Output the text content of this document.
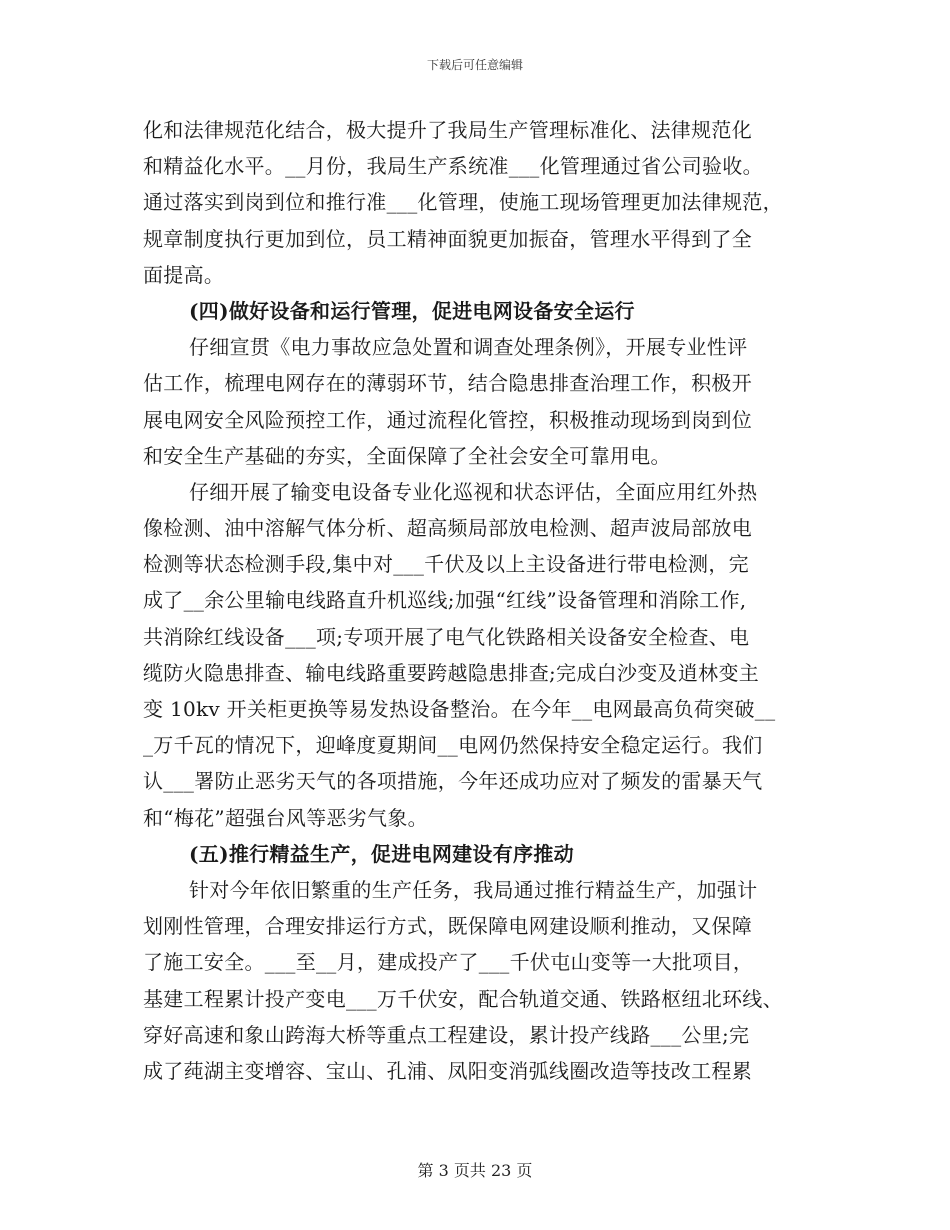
下载后可任意编辑
化和法律规范化结合，极大提升了我局生产管理标准化、法律规范化
和精益化水平。__月份，我局生产系统准___化管理通过省公司验收。
通过落实到岗到位和推行准___化管理，使施工现场管理更加法律规范，
规章制度执行更加到位，员工精神面貌更加振奋，管理水平得到了全
面提高。
(四)做好设备和运行管理，促进电网设备安全运行
仔细宣贯《电力事故应急处置和调查处理条例》，开展专业性评
估工作，梳理电网存在的薄弱环节，结合隐患排查治理工作，积极开
展电网安全风险预控工作，通过流程化管控，积极推动现场到岗到位
和安全生产基础的夯实，全面保障了全社会安全可靠用电。
仔细开展了输变电设备专业化巡视和状态评估，全面应用红外热
像检测、油中溶解气体分析、超高频局部放电检测、超声波局部放电
检测等状态检测手段,集中对___千伏及以上主设备进行带电检测，完
成了__余公里输电线路直升机巡线;加强“红线”设备管理和消除工作,
共消除红线设备___项;专项开展了电气化铁路相关设备安全检查、电
缆防火隐患排查、输电线路重要跨越隐患排查;完成白沙变及逍林变主
变 10kv 开关柜更换等易发热设备整治。在今年__电网最高负荷突破__
_万千瓦的情况下，迎峰度夏期间__电网仍然保持安全稳定运行。我们
认___署防止恶劣天气的各项措施，今年还成功应对了频发的雷暴天气
和“梅花”超强台风等恶劣气象。
(五)推行精益生产，促进电网建设有序推动
针对今年依旧繁重的生产任务，我局通过推行精益生产，加强计
划刚性管理，合理安排运行方式，既保障电网建设顺利推动，又保障
了施工安全。___至__月，建成投产了___千伏屯山变等一大批项目，
基建工程累计投产变电___万千伏安，配合轨道交通、铁路枢纽北环线、
穿好高速和象山跨海大桥等重点工程建设，累计投产线路___公里;完
成了莼湖主变增容、宝山、孔浦、凤阳变消弧线圈改造等技改工程累
第 3 页共 23 页
